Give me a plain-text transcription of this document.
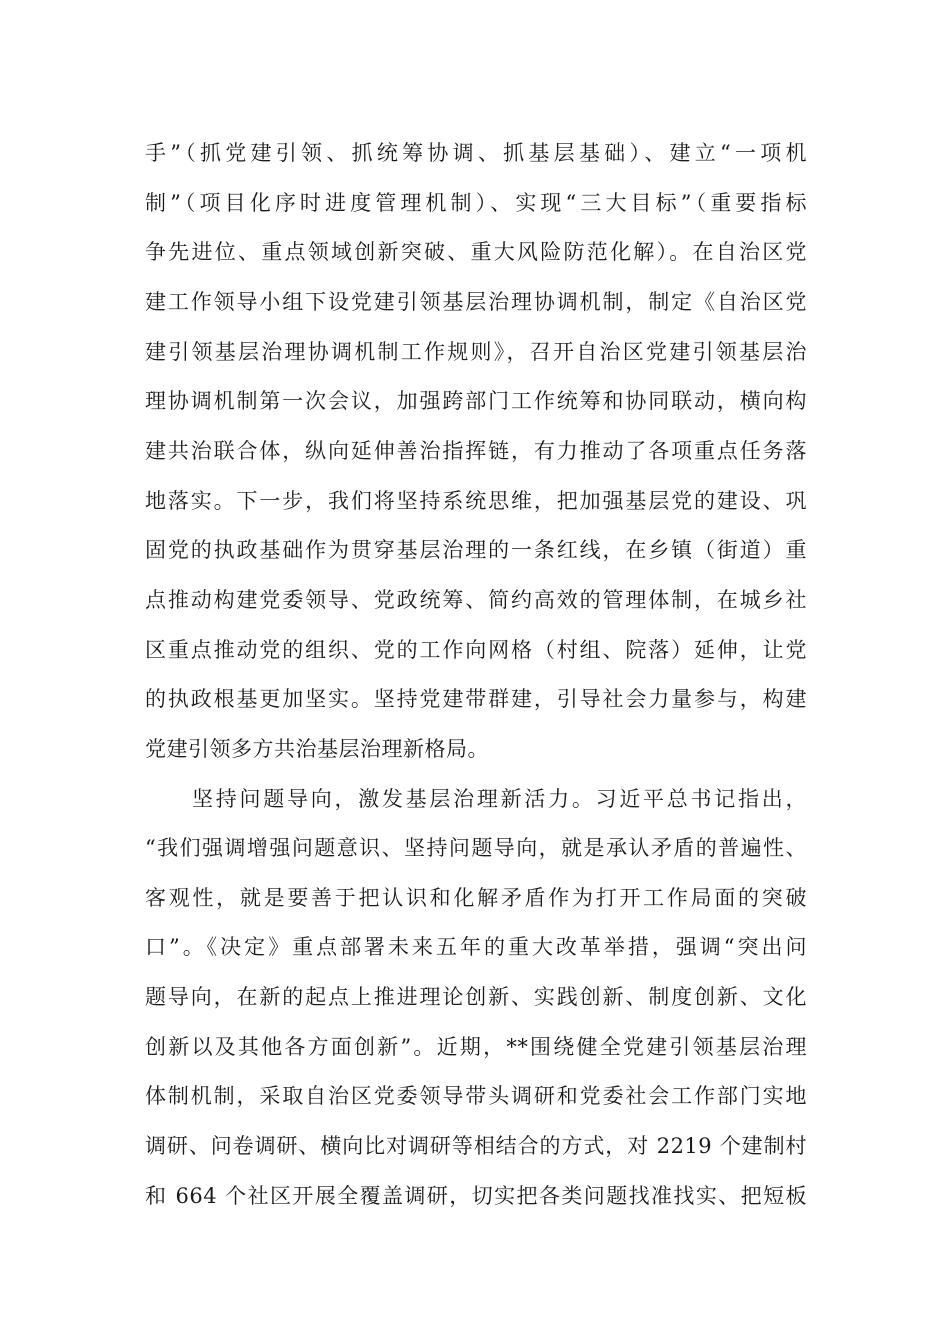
手”（抓党建引领、抓统筹协调、抓基层基础）、建立“一项机
制”（项目化序时进度管理机制）、实现“三大目标”（重要指标
争先进位、重点领域创新突破、重大风险防范化解）。在自治区党
建工作领导小组下设党建引领基层治理协调机制，制定《自治区党
建引领基层治理协调机制工作规则》，召开自治区党建引领基层治
理协调机制第一次会议，加强跨部门工作统筹和协同联动，横向构
建共治联合体，纵向延伸善治指挥链，有力推动了各项重点任务落
地落实。下一步，我们将坚持系统思维，把加强基层党的建设、巩
固党的执政基础作为贯穿基层治理的一条红线，在乡镇（街道）重
点推动构建党委领导、党政统筹、简约高效的管理体制，在城乡社
区重点推动党的组织、党的工作向网格（村组、院落）延伸，让党
的执政根基更加坚实。坚持党建带群建，引导社会力量参与，构建
党建引领多方共治基层治理新格局。
坚持问题导向，激发基层治理新活力。习近平总书记指出，
“我们强调增强问题意识、坚持问题导向，就是承认矛盾的普遍性、
客观性，就是要善于把认识和化解矛盾作为打开工作局面的突破
口”。《决定》重点部署未来五年的重大改革举措，强调“突出问
题导向，在新的起点上推进理论创新、实践创新、制度创新、文化
创新以及其他各方面创新”。近期，**围绕健全党建引领基层治理
体制机制，采取自治区党委领导带头调研和党委社会工作部门实地
调研、问卷调研、横向比对调研等相结合的方式，对 2219 个建制村
和 664 个社区开展全覆盖调研，切实把各类问题找准找实、把短板
